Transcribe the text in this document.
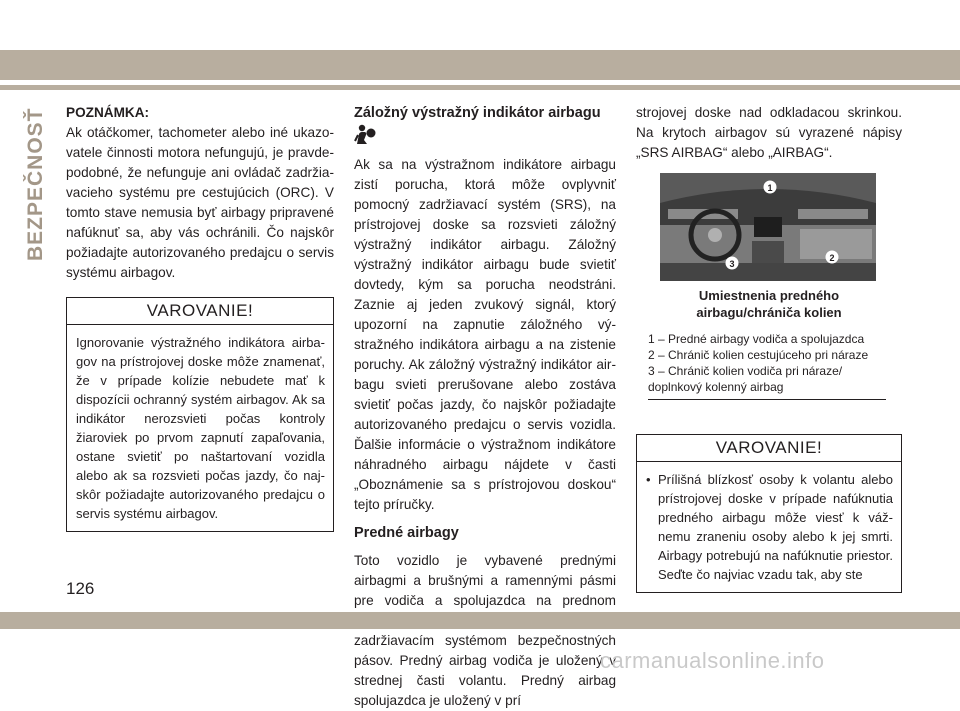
BEZPEČNOSŤ POZNÁMKA:

Ak otáčkomer, tachometer alebo iné ukazovatele činnosti motora nefungujú, je pravdepodobné, že nefunguje ani ovládač zadržiavacieho systému pre cestujúcich (ORC). V tomto stave nemusia byť airbagy pripravené nafúknuť sa, aby vás ochránili. Čo najskôr požiadajte autorizovaného predajcu o servis systému airbagov.

VAROVANIE!
Ignorovanie výstražného indikátora airbagov na prístrojovej doske môže znamenať, že v prípade kolízie nebudete mať k dispozícii ochranný systém airbagov. Ak sa indikátor nerozsvieti počas kontroly žiaroviek po prvom zapnutí zapaľovania, ostane svietiť po naštartovaní vozidla alebo ak sa rozsvieti počas jazdy, čo najskôr požiadajte autorizovaného predajcu o servis systému airbagov.

Záložný výstražný indikátor airbagu

Ak sa na výstražnom indikátore airbagu zistí porucha, ktorá môže ovplyvniť pomocný zadržiavací systém (SRS), na prístrojovej doske sa rozsvieti záložný výstražný indikátor airbagu. Záložný výstražný indikátor airbagu bude svietiť dovtedy, kým sa porucha neodstráni. Zaznie aj jeden zvukový signál, ktorý upozorní na zapnutie záložného výstražného indikátora airbagu a na zistenie poruchy. Ak záložný výstražný indikátor airbagu svieti prerušovane alebo zostáva svietiť počas jazdy, čo najskôr požiadajte autorizovaného predajcu o servis vozidla. Ďalšie informácie o výstražnom indikátore náhradného airbagu nájdete v časti „Oboznámenie sa s prístrojovou doskou“ tejto príručky.

Predné airbagy

Toto vozidlo je vybavené prednými airbagmi a brušnými a ramennými pásmi pre vodiča a spolujazdca na prednom zadržiavacím systémom bezpečnostných pásov. Predný airbag vodiča je uložený v strednej časti volantu. Predný airbag spolujazdca je uložený v prí

strojovej doske nad odkladacou skrinkou. Na krytoch airbagov sú vyrazené nápisy „SRS AIRBAG“ alebo „AIRBAG“.

1
2
3
Umiestnenia predného
airbagu/chrániča kolien
1 – Predné airbagy vodiča a spolujazdca
2 – Chránič kolien cestujúceho pri náraze
3 – Chránič kolien vodiča pri náraze/
doplnkový kolenný airbag
VAROVANIE!
• Prílišná blízkosť osoby k volantu alebo prístrojovej doske v prípade nafúknutia predného airbagu môže viesť k vážnemu zraneniu osoby alebo k jej smrti. Airbagy potrebujú na nafúknutie priestor. Seďte čo najviac vzadu tak, aby ste
126
carmanualsonline.info
